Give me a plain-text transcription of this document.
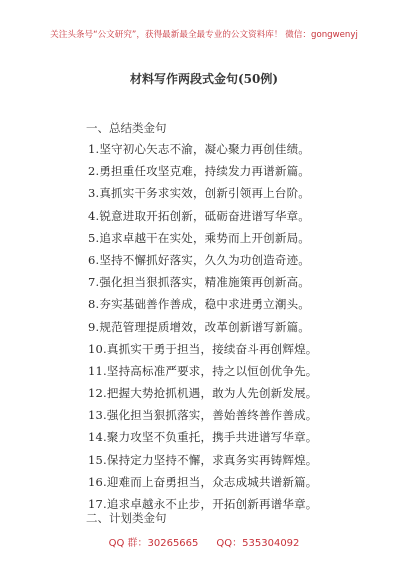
关注头条号“公文研究”，获得最新最全最专业的公文资料库！ 微信：gongwenyj
材料写作两段式金句(50例)
一、总结类金句
1.坚守初心矢志不渝，凝心聚力再创佳绩。
2.勇担重任攻坚克难，持续发力再谱新篇。
3.真抓实干务求实效，创新引领再上台阶。
4.锐意进取开拓创新，砥砺奋进谱写华章。
5.追求卓越干在实处，乘势而上开创新局。
6.坚持不懈抓好落实，久久为功创造奇迹。
7.强化担当狠抓落实，精准施策再创新高。
8.夯实基础善作善成，稳中求进勇立潮头。
9.规范管理提质增效，改革创新谱写新篇。
10.真抓实干勇于担当，接续奋斗再创辉煌。
11.坚持高标准严要求，持之以恒创优争先。
12.把握大势抢抓机遇，敢为人先创新发展。
13.强化担当狠抓落实，善始善终善作善成。
14.聚力攻坚不负重托，携手共进谱写华章。
15.保持定力坚持不懈，求真务实再铸辉煌。
16.迎难而上奋勇担当，众志成城共谱新篇。
17.追求卓越永不止步，开拓创新再谱华章。
二、计划类金句
QQ 群：30265665 QQ：535304092
